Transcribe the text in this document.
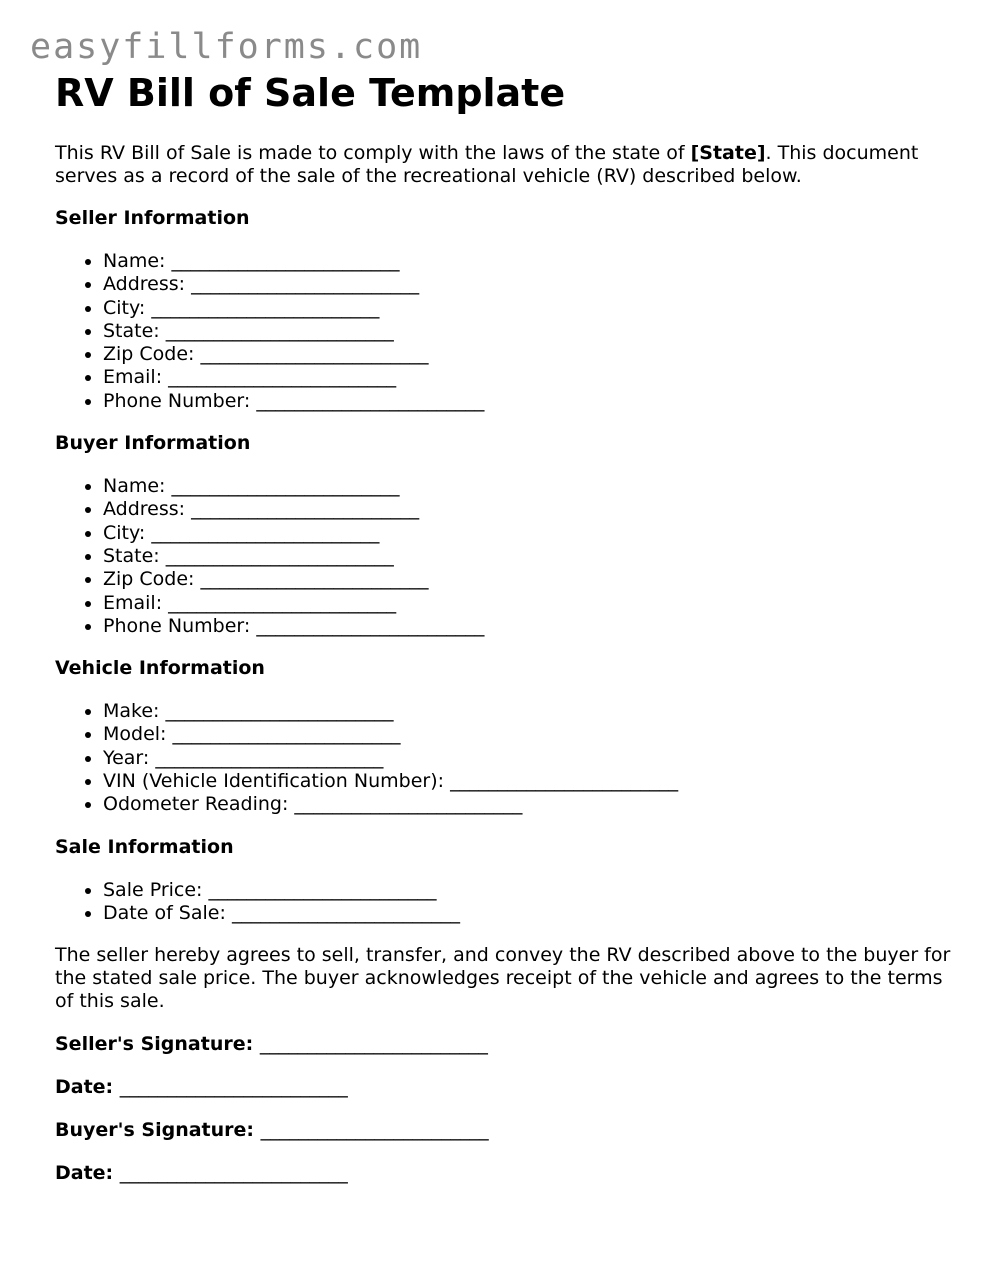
easyfillforms.com
RV Bill of Sale Template

This RV Bill of Sale is made to comply with the laws of the state of [State]. This document serves as a record of the sale of the recreational vehicle (RV) described below.

Seller Information
• Name: ________________________
• Address: ________________________
• City: ________________________
• State: ________________________
• Zip Code: ________________________
• Email: ________________________
• Phone Number: ________________________
Buyer Information
• Name: ________________________
• Address: ________________________
• City: ________________________
• State: ________________________
• Zip Code: ________________________
• Email: ________________________
• Phone Number: ________________________
Vehicle Information
• Make: ________________________
• Model: ________________________
• Year: ________________________
• VIN (Vehicle Identification Number): ________________________
• Odometer Reading: ________________________
Sale Information
• Sale Price: ________________________
• Date of Sale: ________________________

The seller hereby agrees to sell, transfer, and convey the RV described above to the buyer for the stated sale price. The buyer acknowledges receipt of the vehicle and agrees to the terms of this sale.

Seller's Signature: ________________________
Date: ________________________
Buyer's Signature: ________________________
Date: ________________________
